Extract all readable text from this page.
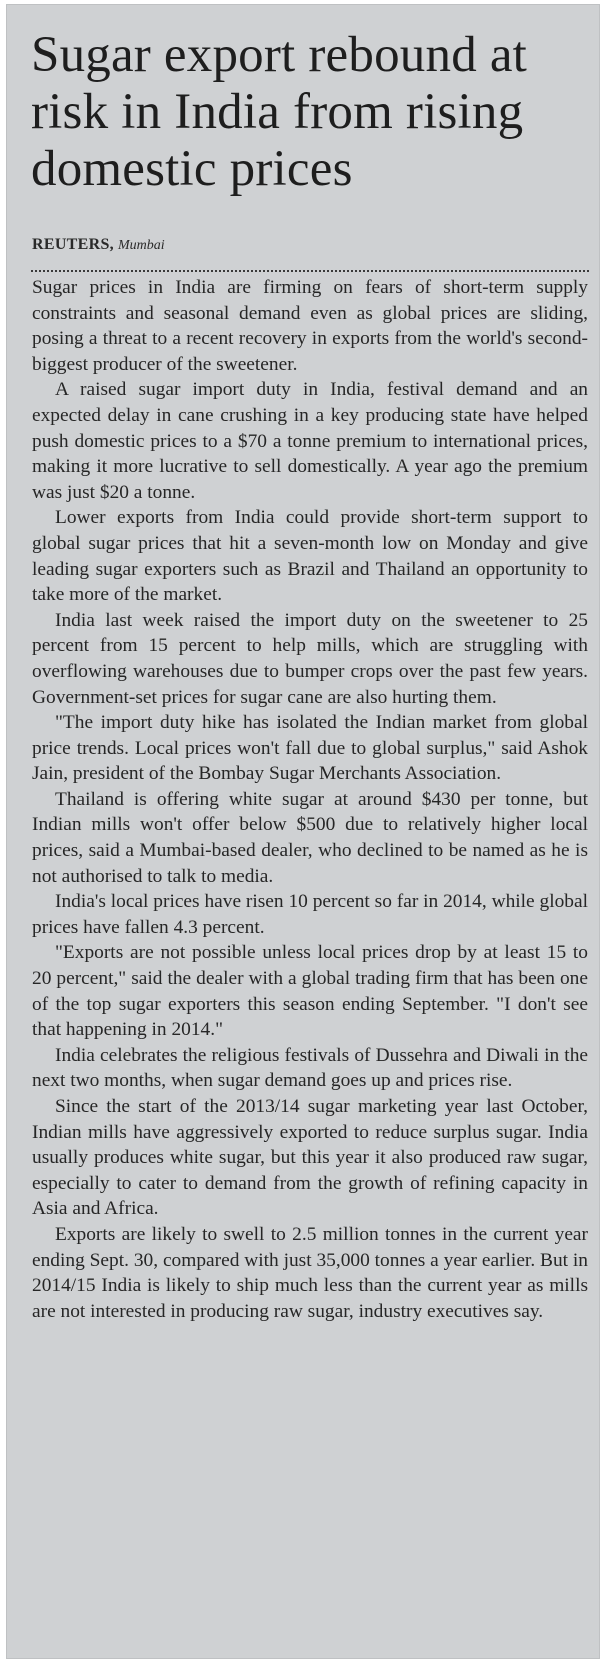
Sugar export rebound at risk in India from rising domestic prices
REUTERS, Mumbai

Sugar prices in India are firming on fears of short-term supply constraints and seasonal demand even as global prices are sliding, posing a threat to a recent recovery in exports from the world's second-biggest producer of the sweetener.

A raised sugar import duty in India, festival demand and an expected delay in cane crushing in a key producing state have helped push domestic prices to a $70 a tonne premium to international prices, making it more lucrative to sell domestically. A year ago the premium was just $20 a tonne.

Lower exports from India could provide short-term support to global sugar prices that hit a seven-month low on Monday and give leading sugar exporters such as Brazil and Thailand an opportunity to take more of the market.

India last week raised the import duty on the sweetener to 25 percent from 15 percent to help mills, which are struggling with overflowing warehouses due to bumper crops over the past few years. Government-set prices for sugar cane are also hurting them.

"The import duty hike has isolated the Indian market from global price trends. Local prices won't fall due to global surplus," said Ashok Jain, president of the Bombay Sugar Merchants Association.

Thailand is offering white sugar at around $430 per tonne, but Indian mills won't offer below $500 due to relatively higher local prices, said a Mumbai-based dealer, who declined to be named as he is not authorised to talk to media.

India's local prices have risen 10 percent so far in 2014, while global prices have fallen 4.3 percent.

"Exports are not possible unless local prices drop by at least 15 to 20 percent," said the dealer with a global trading firm that has been one of the top sugar exporters this season ending September. "I don't see that happening in 2014."

India celebrates the religious festivals of Dussehra and Diwali in the next two months, when sugar demand goes up and prices rise.

Since the start of the 2013/14 sugar marketing year last October, Indian mills have aggressively exported to reduce surplus sugar. India usually produces white sugar, but this year it also produced raw sugar, especially to cater to demand from the growth of refining capacity in Asia and Africa.

Exports are likely to swell to 2.5 million tonnes in the current year ending Sept. 30, compared with just 35,000 tonnes a year earlier. But in 2014/15 India is likely to ship much less than the current year as mills are not interested in producing raw sugar, industry executives say.
